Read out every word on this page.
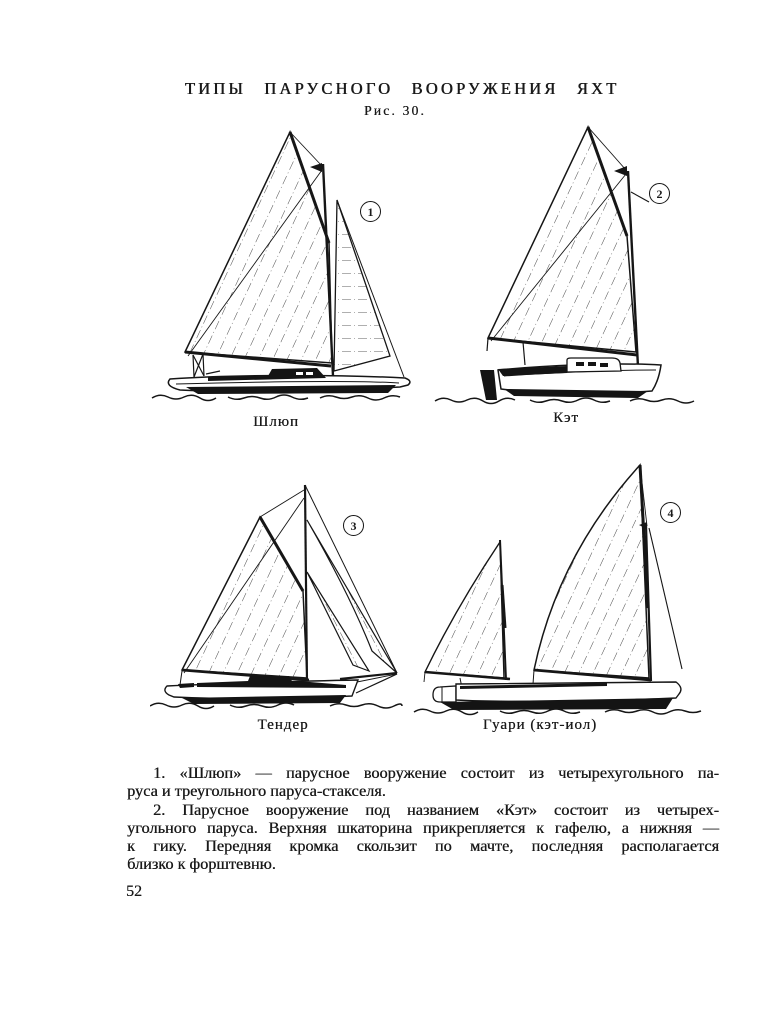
ТИПЫ ПАРУСНОГО ВООРУЖЕНИЯ ЯХТ
Рис. 30.
1
2
3
4
Шлюп	Кэт
Тендер	Гуари (кэт-иол)
1. «Шлюп» — парусное вооружение состоит из четырехугольного па-
руса и треугольного паруса-стакселя.
2. Парусное вооружение под названием «Кэт» состоит из четырех-
угольного паруса. Верхняя шкаторина прикрепляется к гафелю, а нижняя —
к гику. Передняя кромка скользит по мачте, последняя располагается
близко к форштевню.
52
